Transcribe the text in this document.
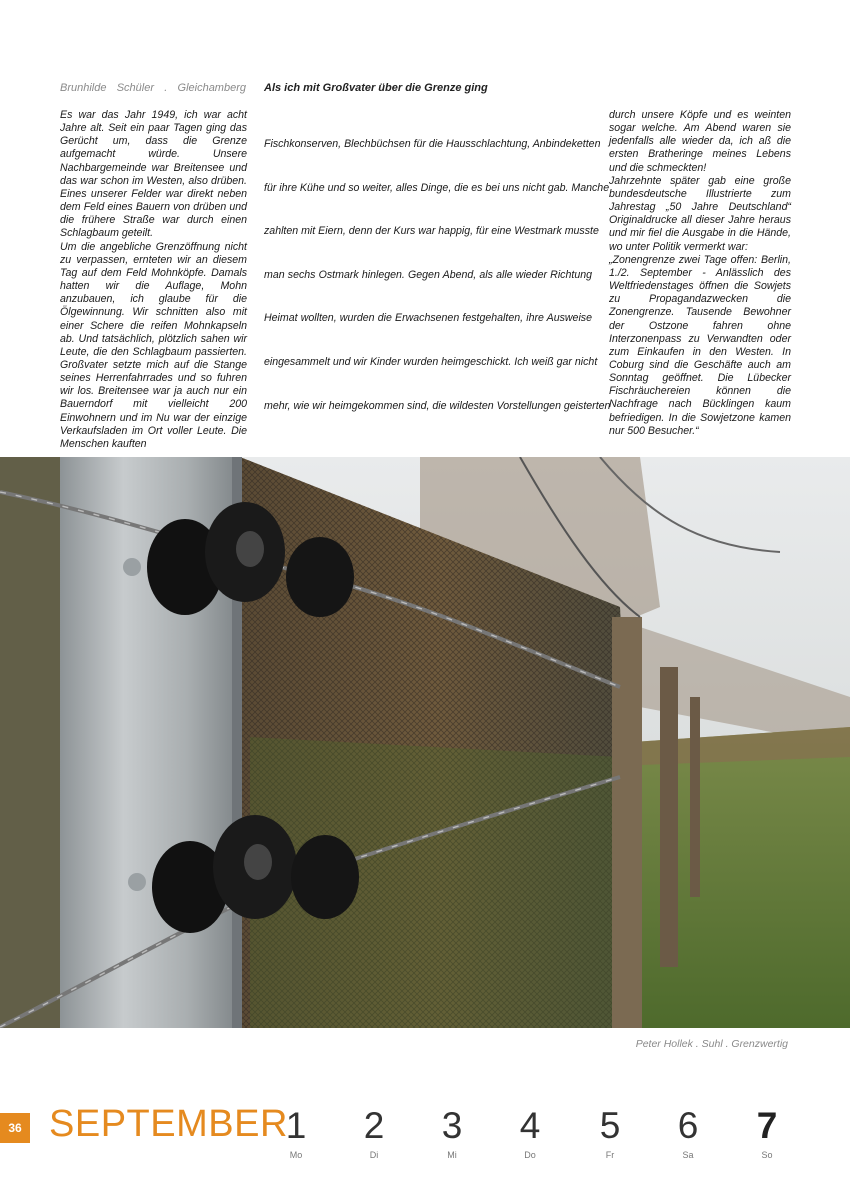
Brunhilde Schüler . Gleichamberg Als ich mit Großvater über die Grenze ging

Es war das Jahr 1949, ich war acht Jahre alt. Seit ein paar Tagen ging das Gerücht um, dass die Grenze aufgemacht würde. Unsere Nachbargemeinde war Breitensee und das war schon im Westen, also drüben. Eines unserer Felder war direkt neben dem Feld eines Bauern von drüben und die frühere Straße war durch einen Schlagbaum geteilt.

Um die angebliche Grenzöffnung nicht zu verpassen, ernteten wir an diesem Tag auf dem Feld Mohnköpfe. Damals hatten wir die Auflage, Mohn anzubauen, ich glaube für die Ölgewinnung. Wir schnitten also mit einer Schere die reifen Mohnkapseln ab. Und tatsächlich, plötzlich sahen wir Leute, die den Schlagbaum passierten. Großvater setzte mich auf die Stange seines Herrenfahrrades und so fuhren wir los. Breitensee war ja auch nur ein Bauerndorf mit vielleicht 200 Einwohnern und im Nu war der einzige Verkaufsladen im Ort voller Leute. Die Menschen kauften

Fischkonserven, Blechbüchsen für die Hausschlachtung, Anbindeketten
für ihre Kühe und so weiter, alles Dinge, die es bei uns nicht gab. Manche
zahlten mit Eiern, denn der Kurs war happig, für eine Westmark musste
man sechs Ostmark hinlegen. Gegen Abend, als alle wieder Richtung
Heimat wollten, wurden die Erwachsenen festgehalten, ihre Ausweise
eingesammelt und wir Kinder wurden heimgeschickt. Ich weiß gar nicht
mehr, wie wir heimgekommen sind, die wildesten Vorstellungen geisterten

durch unsere Köpfe und es weinten sogar welche. Am Abend waren sie jedenfalls alle wieder da, ich aß die ersten Bratheringe meines Lebens und die schmeckten!

Jahrzehnte später gab eine große bundesdeutsche Illustrierte zum Jahrestag „50 Jahre Deutschland“ Originaldrucke all dieser Jahre heraus und mir fiel die Ausgabe in die Hände, wo unter Politik vermerkt war:

„Zonengrenze zwei Tage offen: Berlin, 1./2. September - Anlässlich des Weltfriedenstages öffnen die Sowjets zu Propagandazwecken die Zonengrenze. Tausende Bewohner der Ostzone fahren ohne Interzonenpass zu Verwandten oder zum Einkaufen in den Westen. In Coburg sind die Geschäfte auch am Sonntag geöffnet. Die Lübecker Fischräuchereien können die Nachfrage nach Bücklingen kaum befriedigen. In die Sowjetzone kamen nur 500 Besucher.“

Peter Hollek . Suhl . Grenzwertig
36 SEPTEMBER
1
Mo
2
Di
3
Mi
4
Do
5
Fr
6
Sa
7
So
